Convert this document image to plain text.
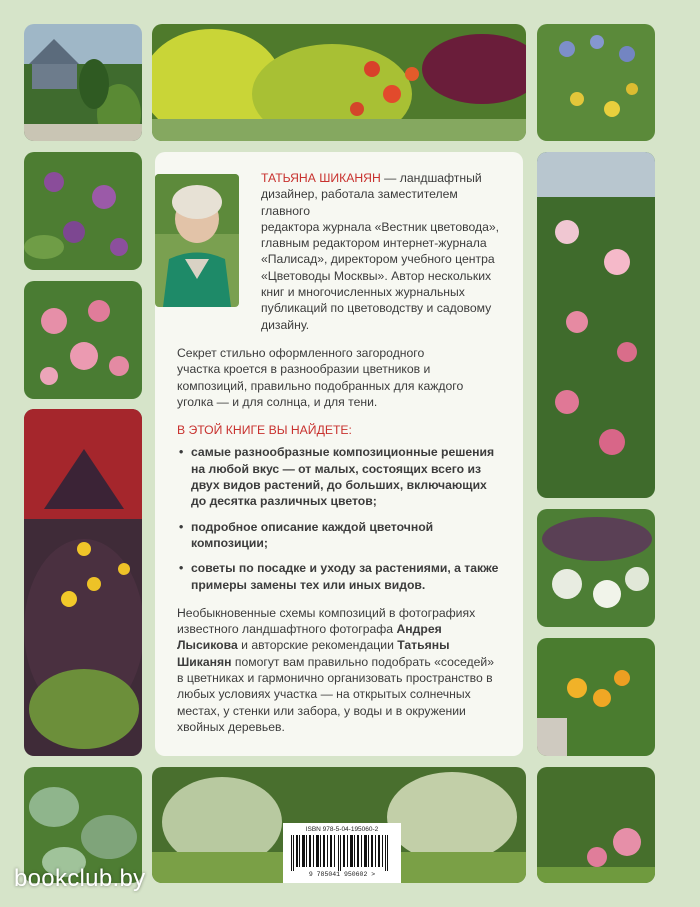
ТАТЬЯНА ШИКАНЯН — ландшафтный
дизайнер, работала заместителем главного
редактора журнала «Вестник цветовода»,
главным редактором интернет-журнала
«Палисад», директором учебного центра
«Цветоводы Москвы». Автор нескольких
книг и многочисленных журнальных
публикаций по цветоводству и садовому
дизайну.
Секрет стильно оформленного загородного
участка кроется в разнообразии цветников и
композиций, правильно подобранных для каждого
уголка — и для солнца, и для тени.
В ЭТОЙ КНИГЕ ВЫ НАЙДЕТЕ:
• самые разнообразные композиционные решения на любой вкус — от малых, состоящих всего из двух видов растений, до больших, включающих до десятка различных цветов;
• подробное описание каждой цветочной композиции;
• советы по посадке и уходу за растениями, а также примеры замены тех или иных видов.
Необыкновенные схемы композиций в фотографиях известного ландшафтного фотографа Андрея Лысикова и авторские рекомендации Татьяны Шиканян помогут вам правильно подобрать «соседей» в цветниках и гармонично организовать пространство в любых условиях участка — на открытых солнечных местах, у стенки или забора, у воды и в окружении хвойных деревьев.
ISBN 978-5-04-195060-2
9 785041 950602 >
bookclub.by
